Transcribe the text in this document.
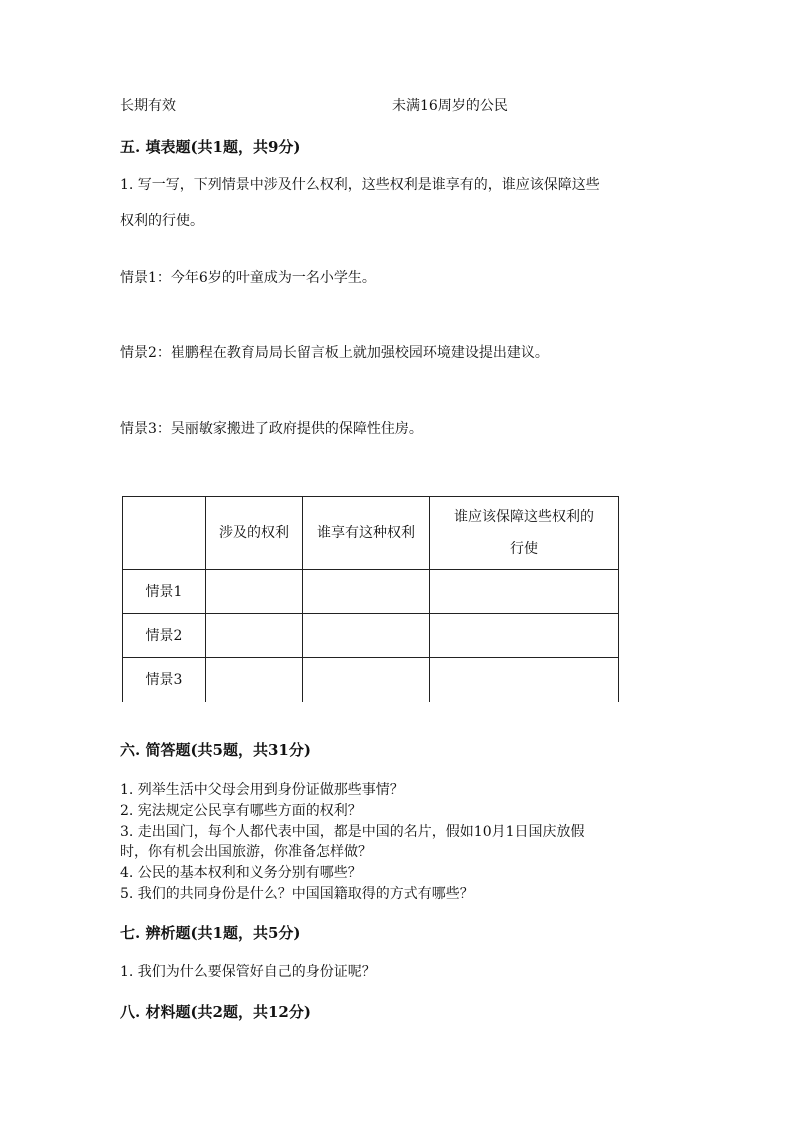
长期有效	未满16周岁的公民
五. 填表题(共1题，共9分)
1. 写一写，下列情景中涉及什么权利，这些权利是谁享有的，谁应该保障这些
权利的行使。
情景1：今年6岁的叶童成为一名小学生。
情景2：崔鹏程在教育局局长留言板上就加强校园环境建设提出建议。
情景3：吴丽敏家搬进了政府提供的保障性住房。
	涉及的权利	谁享有这种权利	谁应该保障这些权利的
行使

情景1			
情景2			
情景3			
六. 简答题(共5题，共31分)
1. 列举生活中父母会用到身份证做那些事情？
2. 宪法规定公民享有哪些方面的权利？
3. 走出国门，每个人都代表中国，都是中国的名片，假如10月1日国庆放假
时，你有机会出国旅游，你准备怎样做？
4. 公民的基本权利和义务分别有哪些？
5. 我们的共同身份是什么？中国国籍取得的方式有哪些？
七. 辨析题(共1题，共5分)
1. 我们为什么要保管好自己的身份证呢？
八. 材料题(共2题，共12分)
